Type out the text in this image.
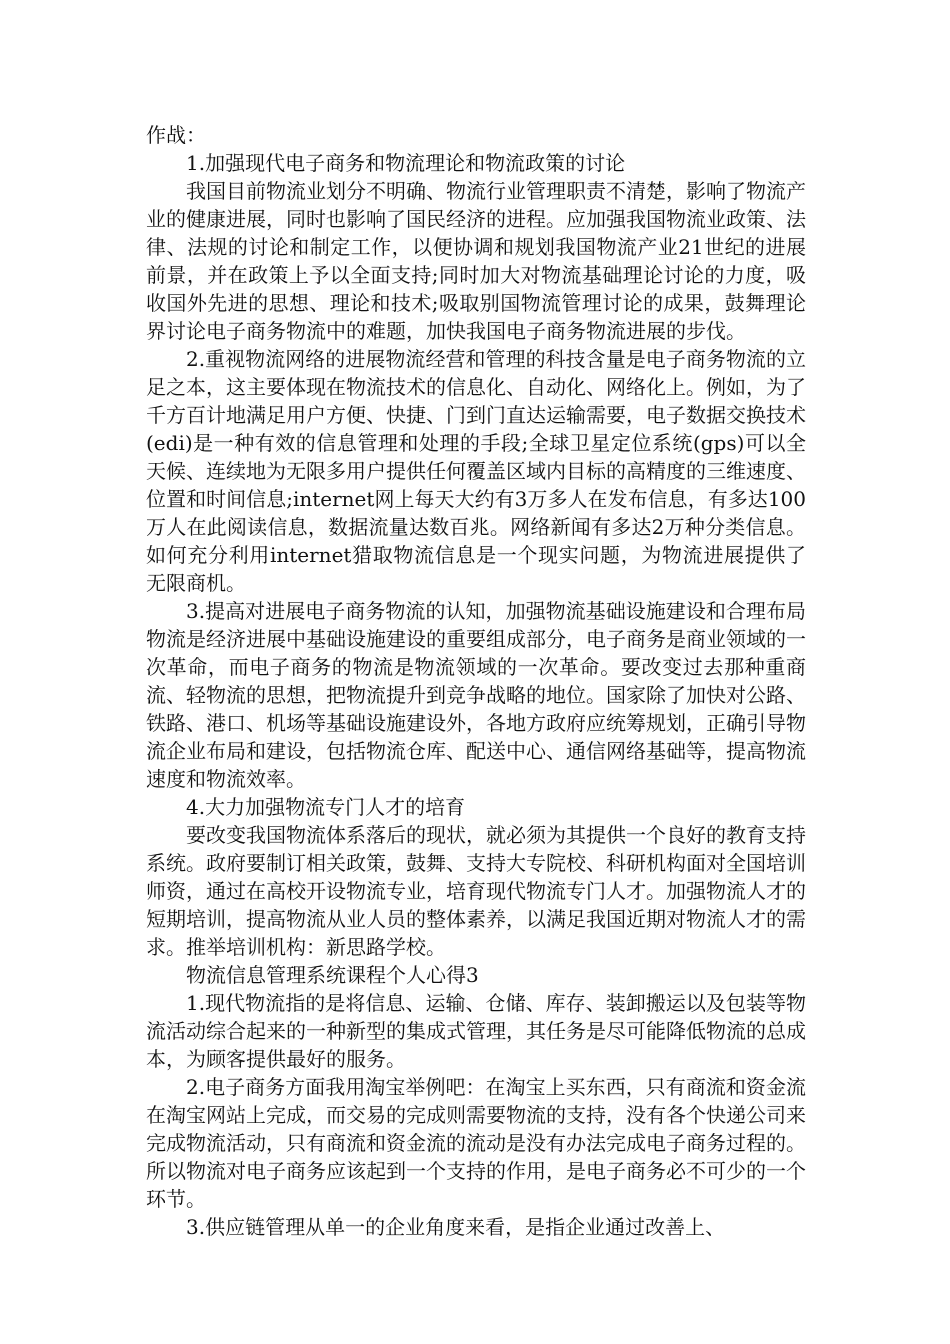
作战：

1.加强现代电子商务和物流理论和物流政策的讨论

我国目前物流业划分不明确、物流行业管理职责不清楚，影响了物流产业的健康进展，同时也影响了国民经济的进程。应加强我国物流业政策、法律、法规的讨论和制定工作，以便协调和规划我国物流产业21世纪的进展前景，并在政策上予以全面支持;同时加大对物流基础理论讨论的力度，吸收国外先进的思想、理论和技术;吸取别国物流管理讨论的成果，鼓舞理论界讨论电子商务物流中的难题，加快我国电子商务物流进展的步伐。

2.重视物流网络的进展物流经营和管理的科技含量是电子商务物流的立足之本，这主要体现在物流技术的信息化、自动化、网络化上。例如，为了千方百计地满足用户方便、快捷、门到门直达运输需要，电子数据交换技术(edi)是一种有效的信息管理和处理的手段;全球卫星定位系统(gps)可以全天候、连续地为无限多用户提供任何覆盖区域内目标的高精度的三维速度、位置和时间信息;internet网上每天大约有3万多人在发布信息，有多达100万人在此阅读信息，数据流量达数百兆。网络新闻有多达2万种分类信息。如何充分利用internet猎取物流信息是一个现实问题，为物流进展提供了无限商机。

3.提高对进展电子商务物流的认知，加强物流基础设施建设和合理布局物流是经济进展中基础设施建设的重要组成部分，电子商务是商业领域的一次革命，而电子商务的物流是物流领域的一次革命。要改变过去那种重商流、轻物流的思想，把物流提升到竞争战略的地位。国家除了加快对公路、铁路、港口、机场等基础设施建设外，各地方政府应统筹规划，正确引导物流企业布局和建设，包括物流仓库、配送中心、通信网络基础等，提高物流速度和物流效率。

4.大力加强物流专门人才的培育

要改变我国物流体系落后的现状，就必须为其提供一个良好的教育支持系统。政府要制订相关政策，鼓舞、支持大专院校、科研机构面对全国培训师资，通过在高校开设物流专业，培育现代物流专门人才。加强物流人才的短期培训，提高物流从业人员的整体素养，以满足我国近期对物流人才的需求。推举培训机构：新思路学校。

物流信息管理系统课程个人心得3

1.现代物流指的是将信息、运输、仓储、库存、装卸搬运以及包装等物流活动综合起来的一种新型的集成式管理，其任务是尽可能降低物流的总成本，为顾客提供最好的服务。

2.电子商务方面我用淘宝举例吧：在淘宝上买东西，只有商流和资金流在淘宝网站上完成，而交易的完成则需要物流的支持，没有各个快递公司来完成物流活动，只有商流和资金流的流动是没有办法完成电子商务过程的。所以物流对电子商务应该起到一个支持的作用，是电子商务必不可少的一个环节。

3.供应链管理从单一的企业角度来看，是指企业通过改善上、
